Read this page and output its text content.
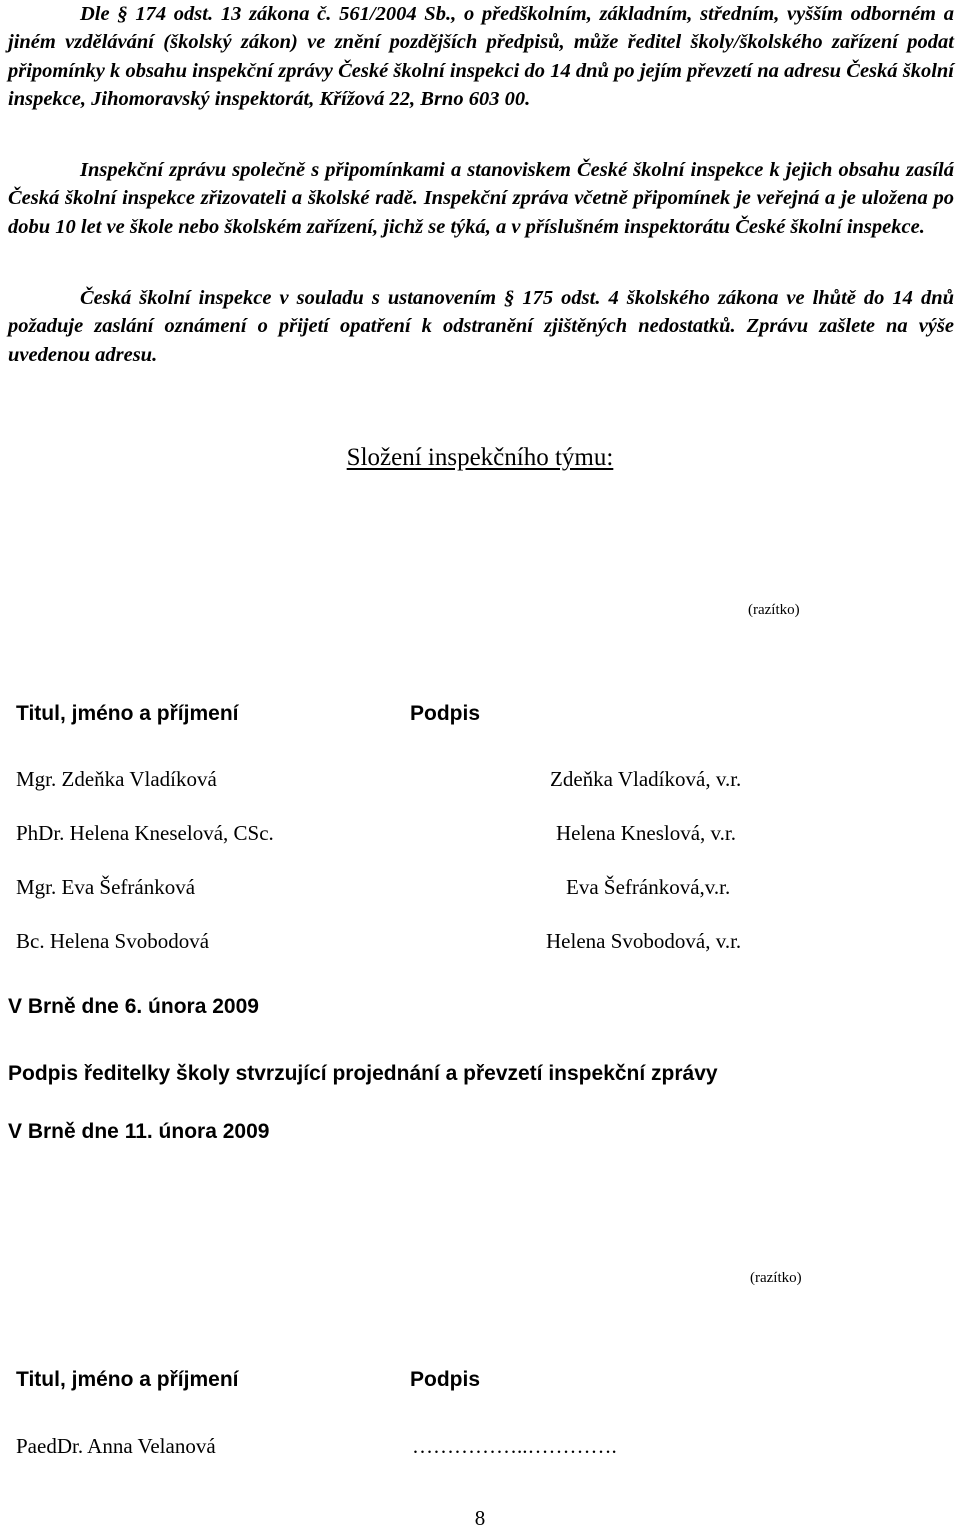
Dle § 174 odst. 13 zákona č. 561/2004 Sb., o předškolním, základním, středním, vyšším odborném a jiném vzdělávání (školský zákon) ve znění pozdějších předpisů, může ředitel školy/školského zařízení podat připomínky k obsahu inspekční zprávy České školní inspekci do 14 dnů po jejím převzetí na adresu Česká školní inspekce, Jihomoravský inspektorát, Křížová 22, Brno 603 00.

Inspekční zprávu společně s připomínkami a stanoviskem České školní inspekce k jejich obsahu zasílá Česká školní inspekce zřizovateli a školské radě. Inspekční zpráva včetně připomínek je veřejná a je uložena po dobu 10 let ve škole nebo školském zařízení, jichž se týká, a v příslušném inspektorátu České školní inspekce.

Česká školní inspekce v souladu s ustanovením § 175 odst. 4 školského zákona ve lhůtě do 14 dnů požaduje zaslání oznámení o přijetí opatření k odstranění zjištěných nedostatků. Zprávu zašlete na výše uvedenou adresu.

Složení inspekčního týmu:
(razítko)
Titul, jméno a příjmení	Podpis
Mgr. Zdeňka Vladíková	Zdeňka Vladíková, v.r.
PhDr. Helena Kneselová, CSc.	Helena Kneslová, v.r.
Mgr. Eva Šefránková	Eva Šefránková,v.r.
Bc. Helena Svobodová	Helena Svobodová, v.r.
V Brně dne 6. února 2009
Podpis ředitelky školy stvrzující projednání a převzetí inspekční zprávy
V Brně dne 11. února 2009
(razítko)
Titul, jméno a příjmení	Podpis
PaedDr. Anna Velanová	……………..………….
8
